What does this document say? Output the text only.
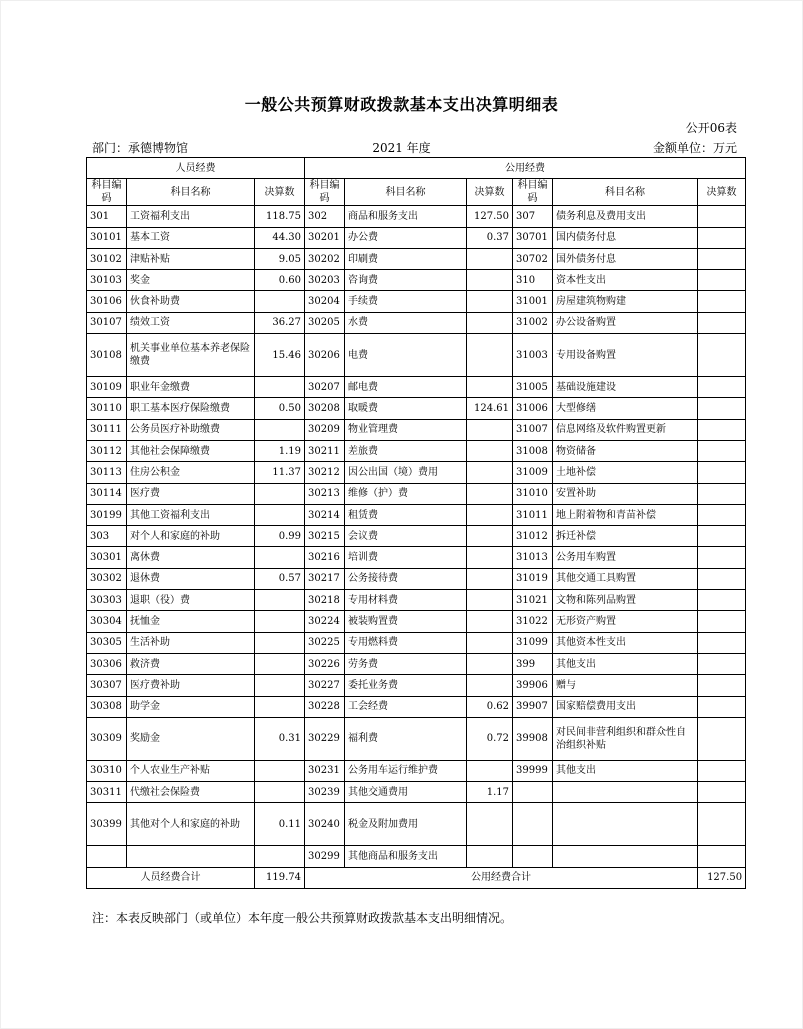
一般公共预算财政拨款基本支出决算明细表
公开06表
部门：承德博物馆	2021 年度	金额单位：万元
人员经费			公用经费					
科目编码	科目名称	决算数	科目编码	科目名称	决算数	科目编码	科目名称	决算数
301	工资福利支出	118.75	302	商品和服务支出	127.50	307	债务利息及费用支出	
30101	基本工资	44.30	30201	办公费	0.37	30701	国内债务付息	
30102	津贴补贴	9.05	30202	印刷费		30702	国外债务付息	
30103	奖金	0.60	30203	咨询费		310	资本性支出	
30106	伙食补助费		30204	手续费		31001	房屋建筑物购建	
30107	绩效工资	36.27	30205	水费		31002	办公设备购置	
30108	机关事业单位基本养老保险缴费	15.46	30206	电费		31003	专用设备购置	
30109	职业年金缴费		30207	邮电费		31005	基础设施建设	
30110	职工基本医疗保险缴费	0.50	30208	取暖费	124.61	31006	大型修缮	
30111	公务员医疗补助缴费		30209	物业管理费		31007	信息网络及软件购置更新	
30112	其他社会保障缴费	1.19	30211	差旅费		31008	物资储备	
30113	住房公积金	11.37	30212	因公出国（境）费用		31009	土地补偿	
30114	医疗费		30213	维修（护）费		31010	安置补助	
30199	其他工资福利支出		30214	租赁费		31011	地上附着物和青苗补偿	
303	对个人和家庭的补助	0.99	30215	会议费		31012	拆迁补偿	
30301	离休费		30216	培训费		31013	公务用车购置	
30302	退休费	0.57	30217	公务接待费		31019	其他交通工具购置	
30303	退职（役）费		30218	专用材料费		31021	文物和陈列品购置	
30304	抚恤金		30224	被装购置费		31022	无形资产购置	
30305	生活补助		30225	专用燃料费		31099	其他资本性支出	
30306	救济费		30226	劳务费		399	其他支出	
30307	医疗费补助		30227	委托业务费		39906	赠与	
30308	助学金		30228	工会经费	0.62	39907	国家赔偿费用支出	
30309	奖励金	0.31	30229	福利费	0.72	39908	对民间非营利组织和群众性自治组织补贴	
30310	个人农业生产补贴		30231	公务用车运行维护费		39999	其他支出	
30311	代缴社会保险费		30239	其他交通费用	1.17			
30399	其他对个人和家庭的补助	0.11	30240	税金及附加费用				
			30299	其他商品和服务支出				
人员经费合计		119.74	公用经费合计					127.50
注：本表反映部门（或单位）本年度一般公共预算财政拨款基本支出明细情况。
